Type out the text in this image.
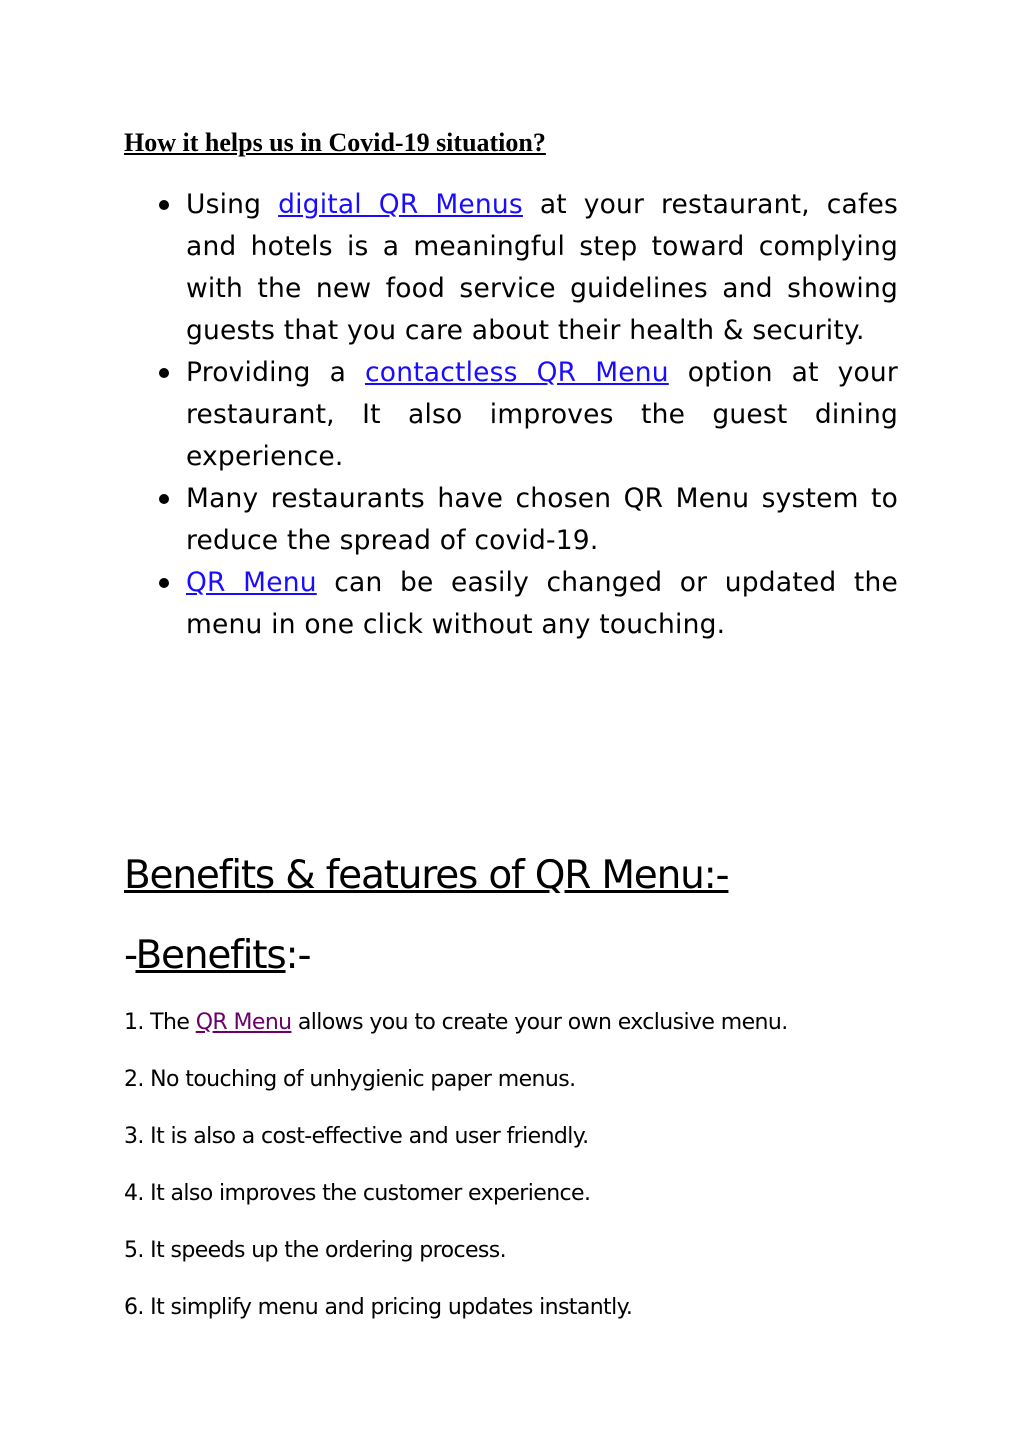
How it helps us in Covid-19 situation?
Using digital QR Menus at your restaurant, cafes and hotels is a meaningful step toward complying with the new food service guidelines and showing guests that you care about their health & security.
Providing a contactless QR Menu option at your restaurant, It also improves the guest dining experience.
Many restaurants have chosen QR Menu system to reduce the spread of covid-19.
QR Menu can be easily changed or updated the menu in one click without any touching.
Benefits & features of QR Menu:-
-Benefits:-
1. The QR Menu allows you to create your own exclusive menu.
2. No touching of unhygienic paper menus.
3. It is also a cost-effective and user friendly.
4. It also improves the customer experience.
5. It speeds up the ordering process.
6. It simplify menu and pricing updates instantly.
